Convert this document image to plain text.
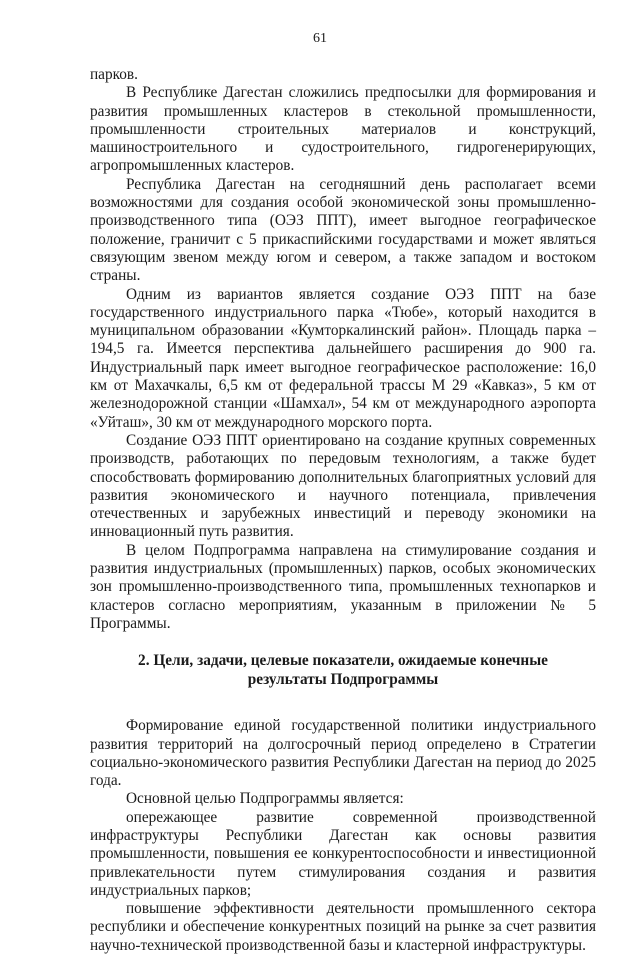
61

парков.

В Республике Дагестан сложились предпосылки для формирования и развития промышленных кластеров в стекольной промышленности, промышленности строительных материалов и конструкций, машиностроительного и судостроительного, гидрогенерирующих, агропромышленных кластеров.

Республика Дагестан на сегодняшний день располагает всеми возможностями для создания особой экономической зоны промышленно-производственного типа (ОЭЗ ППТ), имеет выгодное географическое положение, граничит с 5 прикаспийскими государствами и может являться связующим звеном между югом и севером, а также западом и востоком страны.

Одним из вариантов является создание ОЭЗ ППТ на базе государственного индустриального парка «Тюбе», который находится в муниципальном образовании «Кумторкалинский район». Площадь парка – 194,5 га. Имеется перспектива дальнейшего расширения до 900 га. Индустриальный парк имеет выгодное географическое расположение: 16,0 км от Махачкалы, 6,5 км от федеральной трассы М 29 «Кавказ», 5 км от железнодорожной станции «Шамхал», 54 км от международного аэропорта «Уйташ», 30 км от международного морского порта.

Создание ОЭЗ ППТ ориентировано на создание крупных современных производств, работающих по передовым технологиям, а также будет способствовать формированию дополнительных благоприятных условий для развития экономического и научного потенциала, привлечения отечественных и зарубежных инвестиций и переводу экономики на инновационный путь развития.

В целом Подпрограмма направлена на стимулирование создания и развития индустриальных (промышленных) парков, особых экономических зон промышленно-производственного типа, промышленных технопарков и кластеров согласно мероприятиям, указанным в приложении № 5 Программы.

2. Цели, задачи, целевые показатели, ожидаемые конечные
результаты Подпрограммы

Формирование единой государственной политики индустриального развития территорий на долгосрочный период определено в Стратегии социально-экономического развития Республики Дагестан на период до 2025 года.

Основной целью Подпрограммы является:

опережающее развитие современной производственной инфраструктуры Республики Дагестан как основы развития промышленности, повышения ее конкурентоспособности и инвестиционной привлекательности путем стимулирования создания и развития индустриальных парков;

повышение эффективности деятельности промышленного сектора республики и обеспечение конкурентных позиций на рынке за счет развития научно-технической производственной базы и кластерной инфраструктуры.
